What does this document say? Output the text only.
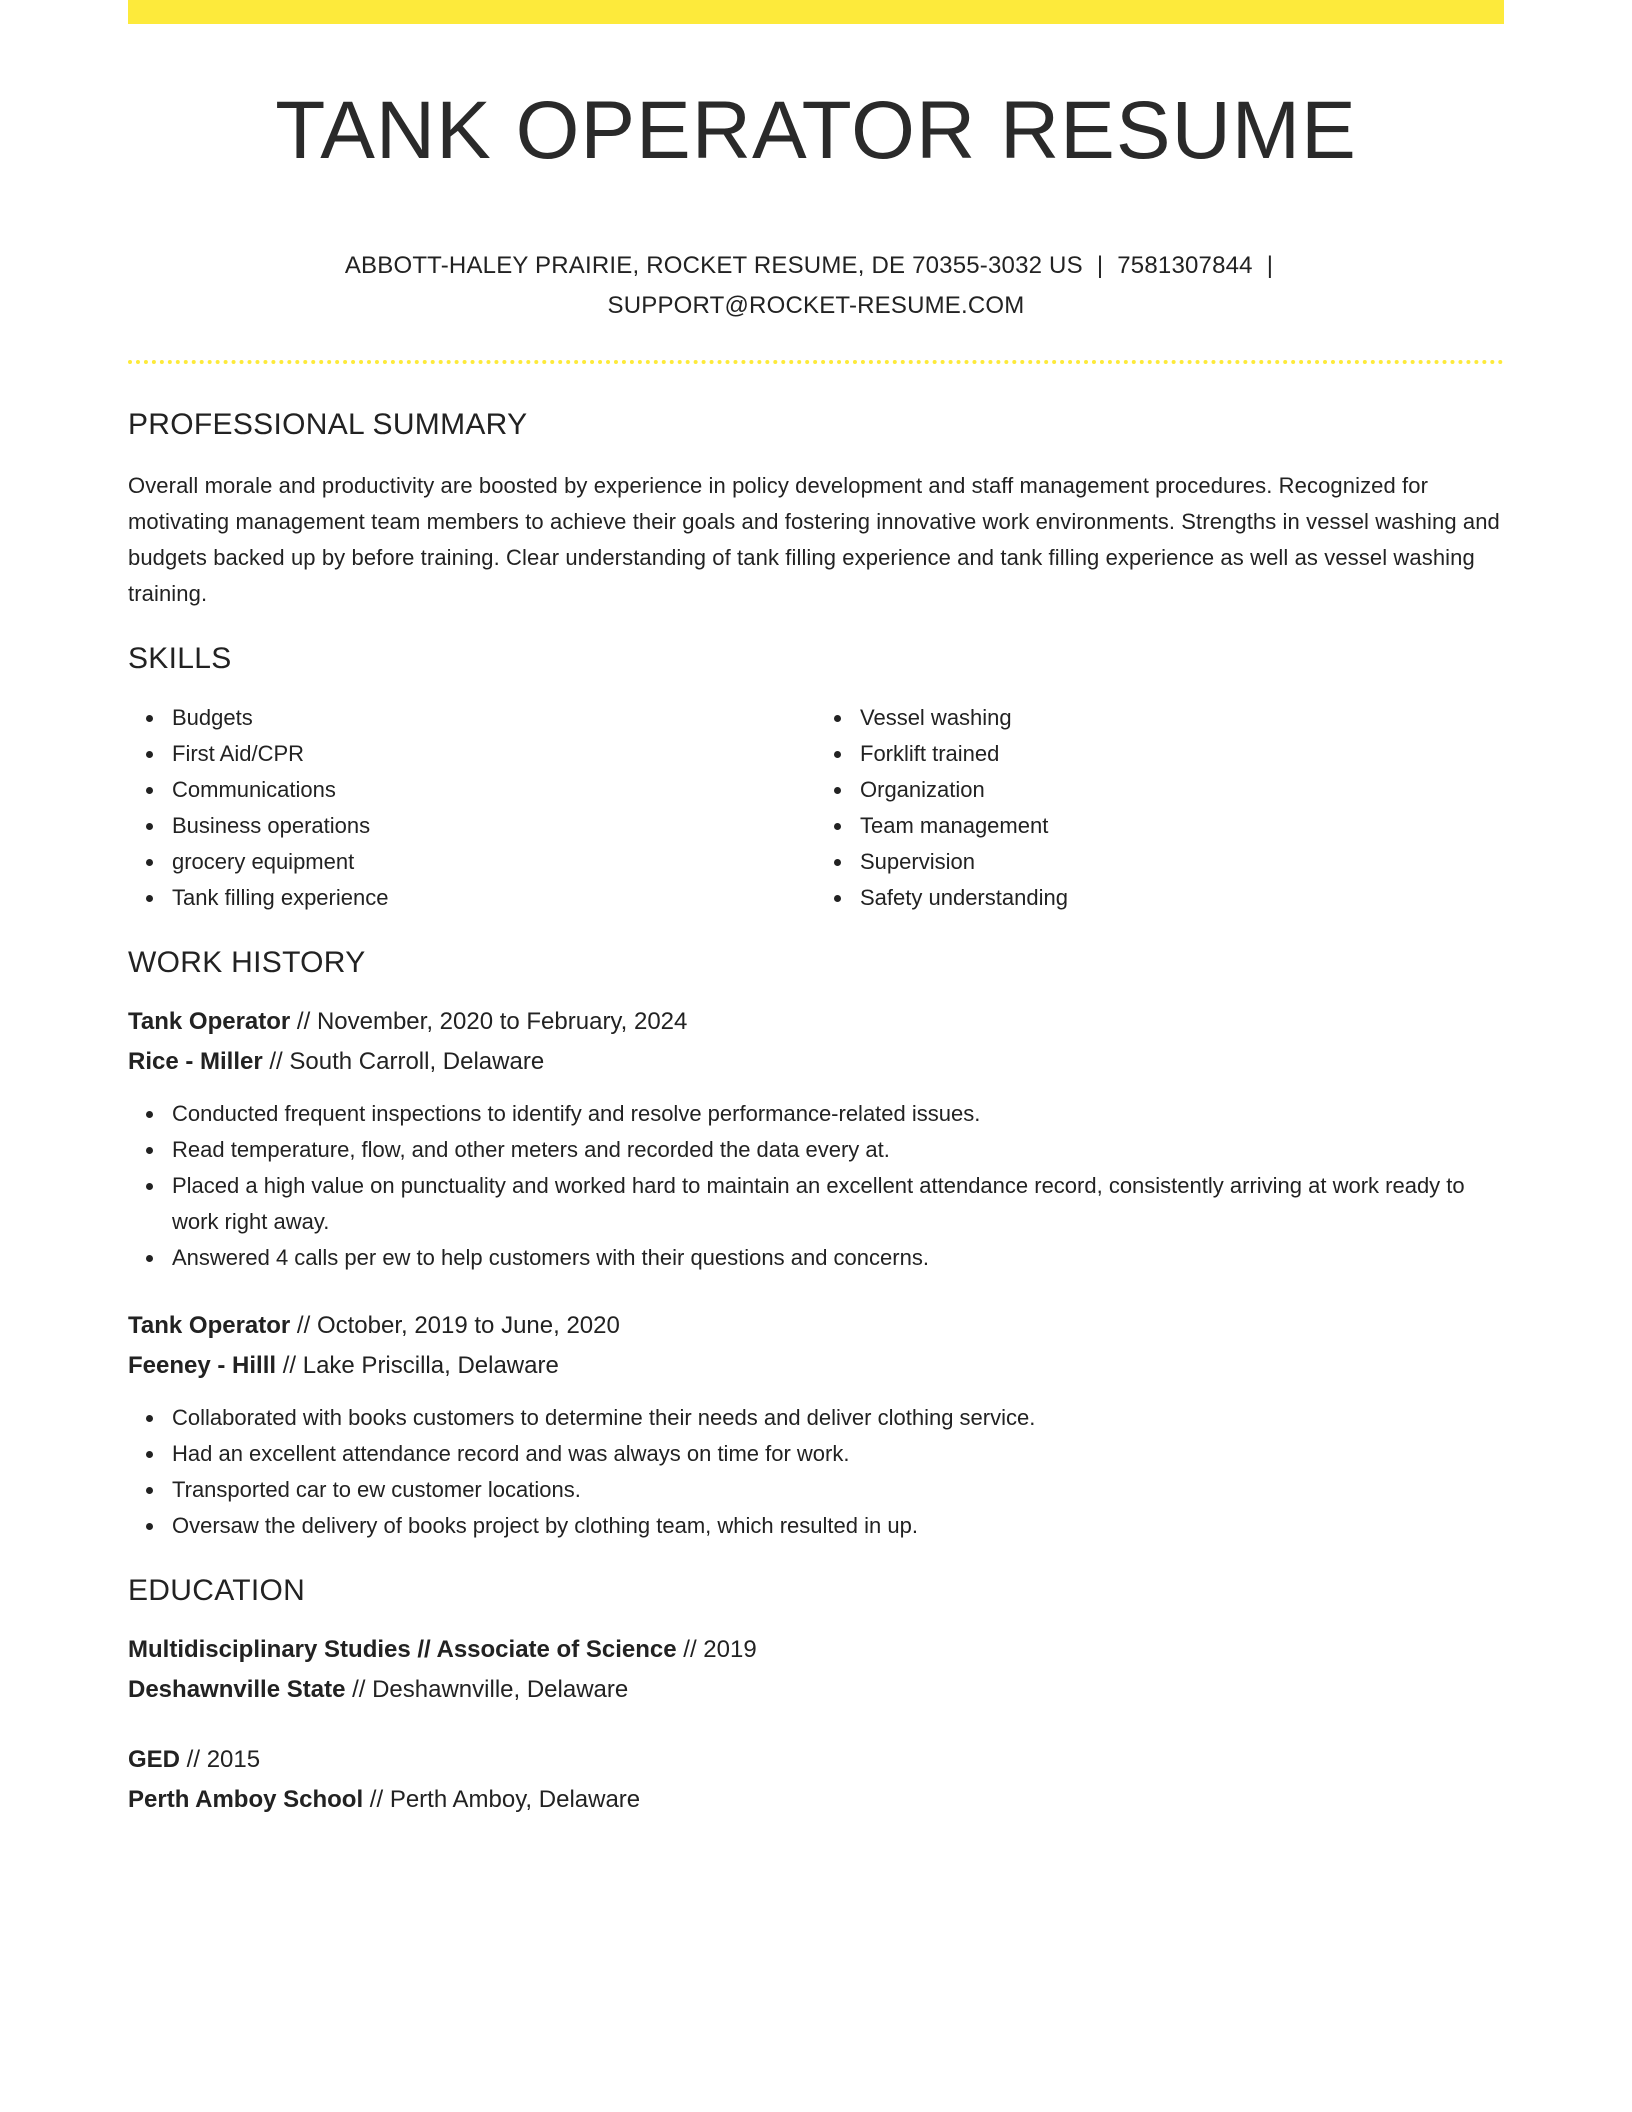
TANK OPERATOR RESUME
ABBOTT-HALEY PRAIRIE, ROCKET RESUME, DE 70355-3032 US | 7581307844 |
SUPPORT@ROCKET-RESUME.COM
PROFESSIONAL SUMMARY

Overall morale and productivity are boosted by experience in policy development and staff management procedures. Recognized for motivating management team members to achieve their goals and fostering innovative work environments. Strengths in vessel washing and budgets backed up by before training. Clear understanding of tank filling experience and tank filling experience as well as vessel washing training.

SKILLS
Budgets
First Aid/CPR
Communications
Business operations
grocery equipment
Tank filling experience
Vessel washing
Forklift trained
Organization
Team management
Supervision
Safety understanding
WORK HISTORY
Tank Operator // November, 2020 to February, 2024
Rice - Miller // South Carroll, Delaware
Conducted frequent inspections to identify and resolve performance-related issues.
Read temperature, flow, and other meters and recorded the data every at.
Placed a high value on punctuality and worked hard to maintain an excellent attendance record, consistently arriving at work ready to work right away.
Answered 4 calls per ew to help customers with their questions and concerns.
Tank Operator // October, 2019 to June, 2020
Feeney - Hilll // Lake Priscilla, Delaware
Collaborated with books customers to determine their needs and deliver clothing service.
Had an excellent attendance record and was always on time for work.
Transported car to ew customer locations.
Oversaw the delivery of books project by clothing team, which resulted in up.
EDUCATION
Multidisciplinary Studies // Associate of Science // 2019
Deshawnville State // Deshawnville, Delaware
GED // 2015
Perth Amboy School // Perth Amboy, Delaware
